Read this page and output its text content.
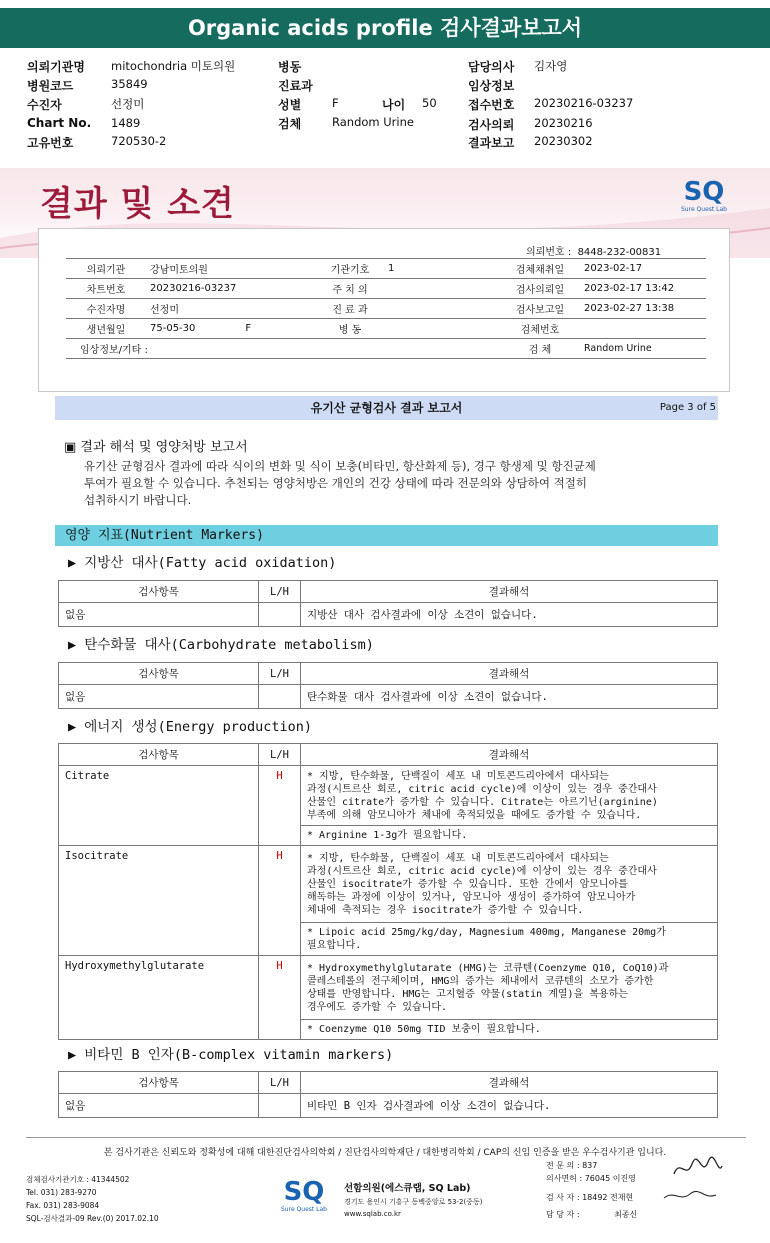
Organic acids profile 검사결과보고서
의뢰기관명 mitochondria 미토의원
병원코드	35849
수진자	선정미
Chart No. 1489
고유번호	720530-2
병동
진료과
성별	F	나이 50
검체	Random Urine
담당의사 김자영
임상정보
접수번호 20230216-03237
검사의뢰 20230216
결과보고 20230302
결과 및 소견	SQ
Sure Quest Lab
의뢰번호 : 8448-232-00831
의뢰기관	강남미토의원	기관기호	1	검체채취일	2023-02-17
차트번호	20230216-03237	주 치 의		검사의뢰일	2023-02-17 13:42
수진자명	선정미	진 료 과		검사보고일	2023-02-27 13:38
생년월일	75-05-30 F	병 동		검체번호	
임상정보/기타 :				검 체	Random Urine
유기산 균형검사 결과 보고서	Page 3 of 5
▣ 결과 해석 및 영양처방 보고서
유기산 균형검사 결과에 따라 식이의 변화 및 식이 보충(비타민, 항산화제 등), 경구 항생제 및 항진균제
투여가 필요할 수 있습니다. 추천되는 영양처방은 개인의 건강 상태에 따라 전문의와 상담하여 적절히
섭취하시기 바랍니다.
영양 지표(Nutrient Markers)
▶ 지방산 대사(Fatty acid oxidation)
검사항목	L/H	결과해석
없음		지방산 대사 검사결과에 이상 소견이 없습니다.
▶ 탄수화물 대사(Carbohydrate metabolism)
검사항목	L/H	결과해석
없음		탄수화물 대사 검사결과에 이상 소견이 없습니다.
▶ 에너지 생성(Energy production)
검사항목	L/H	결과해석
Citrate	H	* 지방, 탄수화물, 단백질이 세포 내 미토콘드리아에서 대사되는
과정(시트르산 회로, citric acid cycle)에 이상이 있는 경우 중간대사
산물인 citrate가 증가할 수 있습니다. Citrate는 아르기닌(arginine)
부족에 의해 암모니아가 체내에 축적되었을 때에도 증가할 수 있습니다.
		* Arginine 1-3g가 필요합니다.
Isocitrate	H	* 지방, 탄수화물, 단백질이 세포 내 미토콘드리아에서 대사되는
과정(시트르산 회로, citric acid cycle)에 이상이 있는 경우 중간대사
산물인 isocitrate가 증가할 수 있습니다. 또한 간에서 암모니아를
해독하는 과정에 이상이 있거나, 암모니아 생성이 증가하여 암모니아가
체내에 축적되는 경우 isocitrate가 증가할 수 있습니다.
		* Lipoic acid 25mg/kg/day, Magnesium 400mg, Manganese 20mg가
필요합니다.
Hydroxymethylglutarate	H	* Hydroxymethylglutarate (HMG)는 코큐텐(Coenzyme Q10, CoQ10)과
콜레스테롤의 전구체이며, HMG의 증가는 체내에서 코큐텐의 소모가 증가한
상태를 반영합니다. HMG는 고지혈증 약물(statin 계열)을 복용하는
경우에도 증가할 수 있습니다.
		* Coenzyme Q10 50mg TID 보충이 필요합니다.
▶ 비타민 B 인자(B-complex vitamin markers)
검사항목	L/H	결과해석
없음		비타민 B 인자 검사결과에 이상 소견이 없습니다.
본 검사기관은 신뢰도와 정확성에 대해 대한진단검사의학회 / 진단검사의학재단 / 대한병리학회 / CAP의 신임 인증을 받은 우수검사기관 입니다.
검체검사기관기호 : 41344502
Tel. 031) 283-9270
Fax. 031) 283-9084
SQL-검사결과-09 Rev.(0) 2017.02.10
SQ
Sure Quest Lab
선함의원(에스큐랩, SQ Lab)
경기도 용인시 기흥구 동백중앙로 53-2(중동)
www.sqlab.co.kr
전 문 의 : 837
의사면허 : 76045 이진영
검 사 자 : 18492 전재현
담 당 자 :	최종신
